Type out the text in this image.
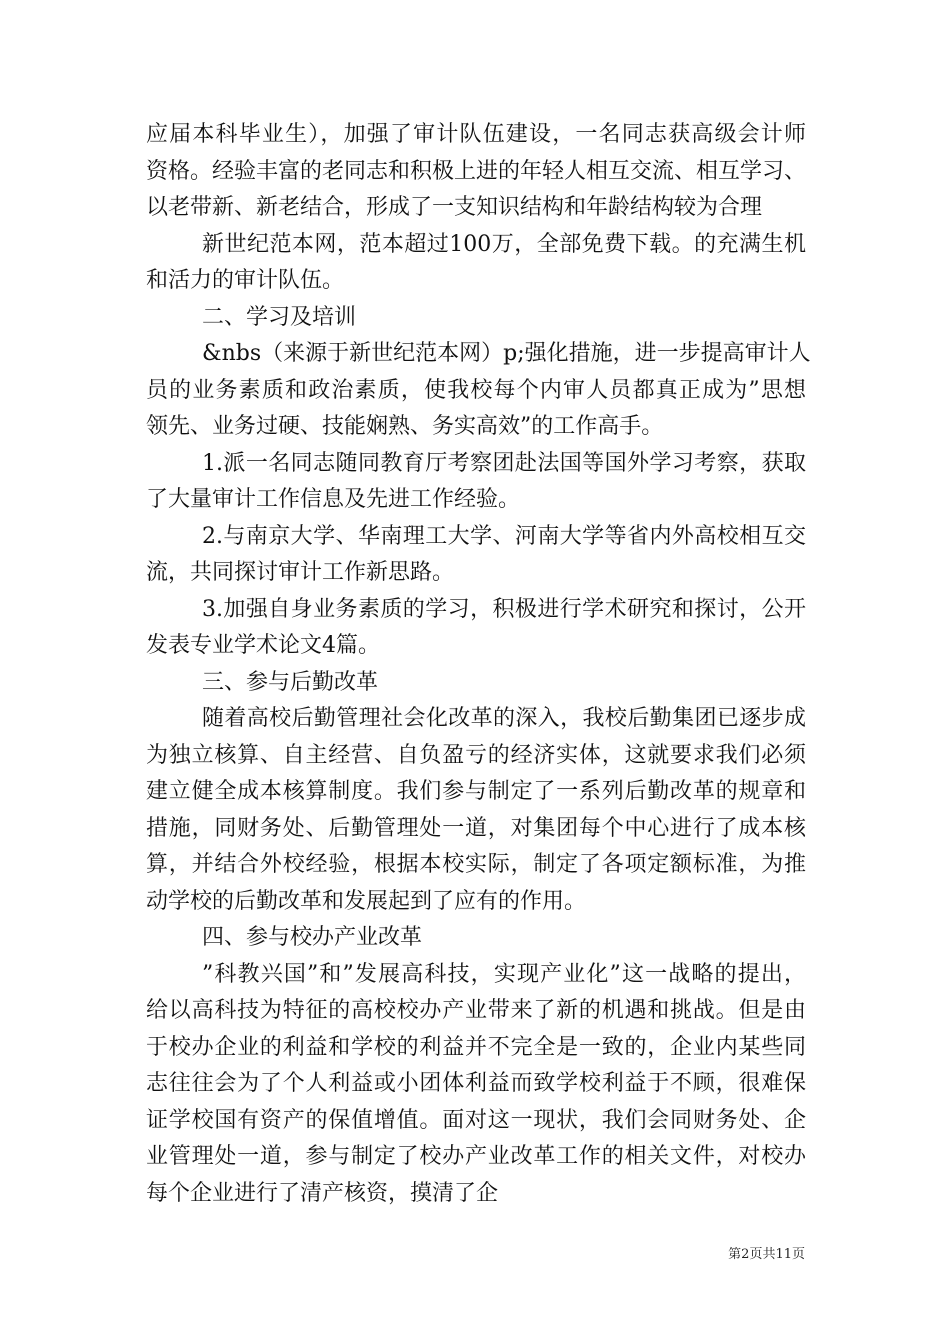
应届本科毕业生），加强了审计队伍建设，一名同志获高级会计师
资格。经验丰富的老同志和积极上进的年轻人相互交流、相互学习、
以老带新、新老结合，形成了一支知识结构和年龄结构较为合理
新世纪范本网，范本超过100万，全部免费下载。的充满生机
和活力的审计队伍。
二、学习及培训
&nbs（来源于新世纪范本网）p;强化措施，进一步提高审计人
员的业务素质和政治素质，使我校每个内审人员都真正成为”思想
领先、业务过硬、技能娴熟、务实高效”的工作高手。
1.派一名同志随同教育厅考察团赴法国等国外学习考察，获取
了大量审计工作信息及先进工作经验。
2.与南京大学、华南理工大学、河南大学等省内外高校相互交
流，共同探讨审计工作新思路。
3.加强自身业务素质的学习，积极进行学术研究和探讨，公开
发表专业学术论文4篇。
三、参与后勤改革
随着高校后勤管理社会化改革的深入，我校后勤集团已逐步成
为独立核算、自主经营、自负盈亏的经济实体，这就要求我们必须
建立健全成本核算制度。我们参与制定了一系列后勤改革的规章和
措施，同财务处、后勤管理处一道，对集团每个中心进行了成本核
算，并结合外校经验，根据本校实际，制定了各项定额标准，为推
动学校的后勤改革和发展起到了应有的作用。
四、参与校办产业改革
”科教兴国”和”发展高科技，实现产业化”这一战略的提出，
给以高科技为特征的高校校办产业带来了新的机遇和挑战。但是由
于校办企业的利益和学校的利益并不完全是一致的，企业内某些同
志往往会为了个人利益或小团体利益而致学校利益于不顾，很难保
证学校国有资产的保值增值。面对这一现状，我们会同财务处、企
业管理处一道，参与制定了校办产业改革工作的相关文件，对校办
每个企业进行了清产核资，摸清了企
第2页共11页
